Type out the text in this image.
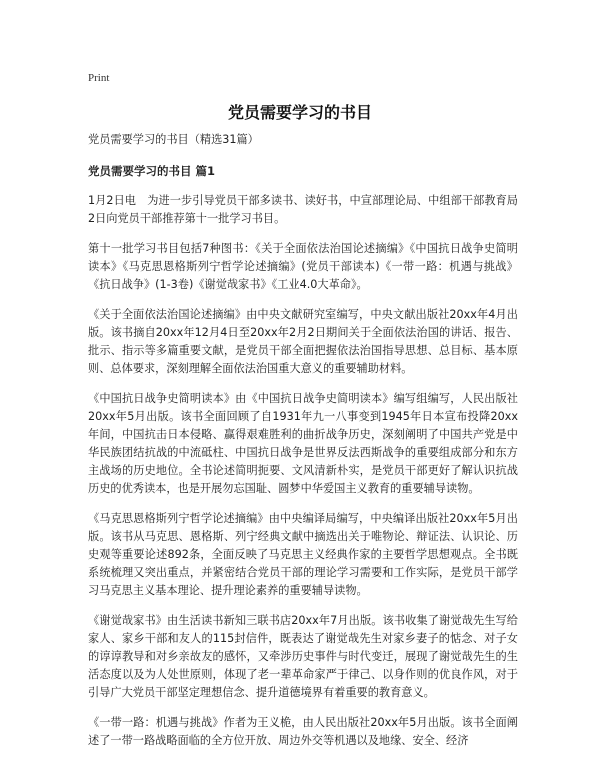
Print
党员需要学习的书目

党员需要学习的书目（精选31篇）

党员需要学习的书目 篇1

1月2日电　为进一步引导党员干部多读书、读好书，中宣部理论局、中组部干部教育局2日向党员干部推荐第十一批学习书目。

第十一批学习书目包括7种图书：《关于全面依法治国论述摘编》《中国抗日战争史简明读本》《马克思恩格斯列宁哲学论述摘编》(党员干部读本)《一带一路：机遇与挑战》《抗日战争》(1-3卷)《谢觉哉家书》《工业4.0大革命》。

《关于全面依法治国论述摘编》由中央文献研究室编写，中央文献出版社20xx年4月出版。该书摘自20xx年12月4日至20xx年2月2日期间关于全面依法治国的讲话、报告、批示、指示等多篇重要文献，是党员干部全面把握依法治国指导思想、总目标、基本原则、总体要求，深刻理解全面依法治国重大意义的重要辅助材料。

《中国抗日战争史简明读本》由《中国抗日战争史简明读本》编写组编写，人民出版社20xx年5月出版。该书全面回顾了自1931年九一八事变到1945年日本宣布投降20xx年间，中国抗击日本侵略、赢得艰难胜利的曲折战争历史，深刻阐明了中国共产党是中华民族团结抗战的中流砥柱、中国抗日战争是世界反法西斯战争的重要组成部分和东方主战场的历史地位。全书论述简明扼要、文风清新朴实，是党员干部更好了解认识抗战历史的优秀读本，也是开展勿忘国耻、圆梦中华爱国主义教育的重要辅导读物。

《马克思恩格斯列宁哲学论述摘编》由中央编译局编写，中央编译出版社20xx年5月出版。该书从马克思、恩格斯、列宁经典文献中摘选出关于唯物论、辩证法、认识论、历史观等重要论述892条，全面反映了马克思主义经典作家的主要哲学思想观点。全书既系统梳理又突出重点，并紧密结合党员干部的理论学习需要和工作实际，是党员干部学习马克思主义基本理论、提升理论素养的重要辅导读物。

《谢觉哉家书》由生活读书新知三联书店20xx年7月出版。该书收集了谢觉哉先生写给家人、家乡干部和友人的115封信件，既表达了谢觉哉先生对家乡妻子的惦念、对子女的谆谆教导和对乡亲故友的感怀，又牵涉历史事件与时代变迁，展现了谢觉哉先生的生活态度以及为人处世原则，体现了老一辈革命家严于律己、以身作则的优良作风，对于引导广大党员干部坚定理想信念、提升道德境界有着重要的教育意义。

《一带一路：机遇与挑战》作者为王义桅，由人民出版社20xx年5月出版。该书全面阐述了一带一路战略面临的全方位开放、周边外交等机遇以及地缘、安全、经济
